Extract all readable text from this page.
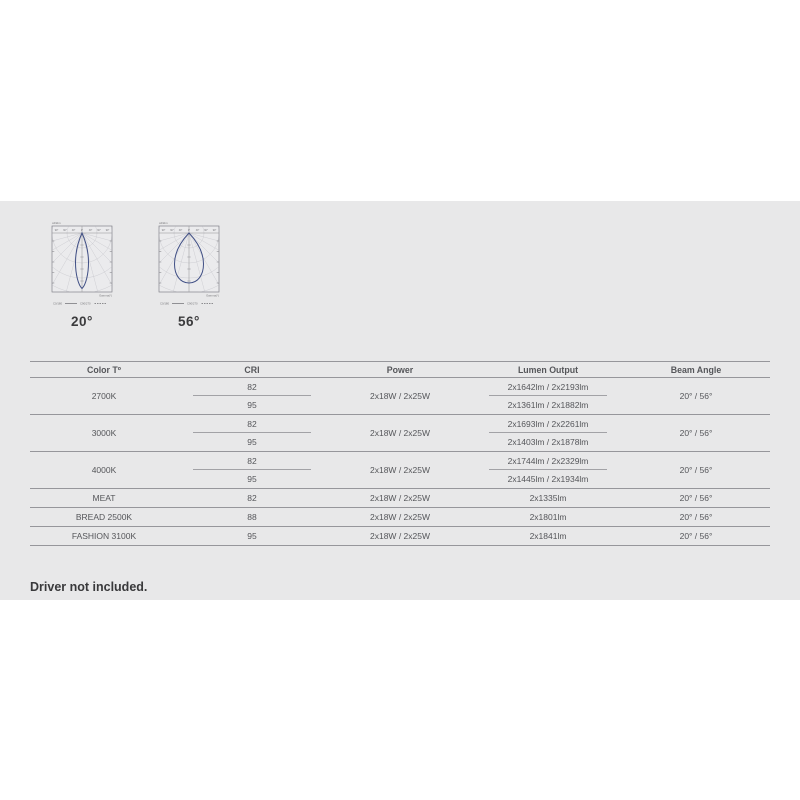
cd/klm
90° 60° 30° 0° 30° 60° 90°
Gamma(°)
C0/180	C90/270
cd/klm
90° 60° 30° 0° 30° 60° 90°
Gamma(°)
C0/180	C90/270
20°	56°
Color Tº	CRI	Power	Lumen Output	Beam Angle
2700K	82	2x18W / 2x25W	2x1642lm / 2x2193lm	20° / 56°
	95		2x1361lm / 2x1882lm	
3000K	82	2x18W / 2x25W	2x1693lm / 2x2261lm	20° / 56°
	95		2x1403lm / 2x1878lm	
4000K	82	2x18W / 2x25W	2x1744lm / 2x2329lm	20° / 56°
	95		2x1445lm / 2x1934lm	
MEAT	82	2x18W / 2x25W	2x1335lm	20° / 56°
BREAD 2500K	88	2x18W / 2x25W	2x1801lm	20° / 56°
FASHION 3100K	95	2x18W / 2x25W	2x1841lm	20° / 56°
Driver not included.
